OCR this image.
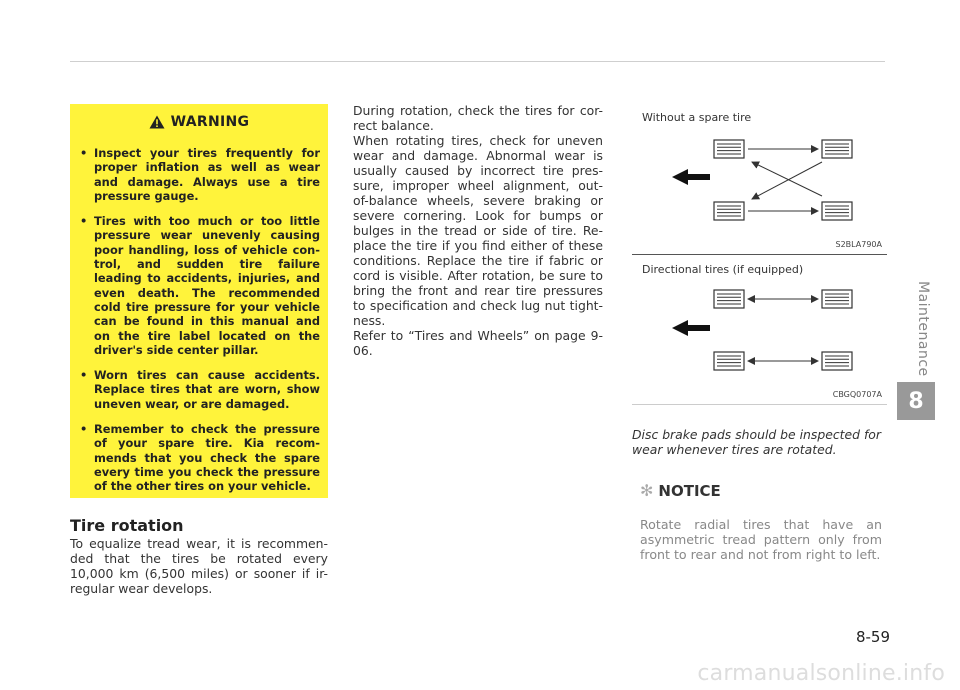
WARNING
• Inspect your tires frequently for proper inflation as well as wear and damage. Always use a tire pressure gauge.
• Tires with too much or too little pressure wear unevenly causing poor handling, loss of vehicle con- trol, and sudden tire failure leading to accidents, injuries, and even death. The recommended cold tire pressure for your vehicle can be found in this manual and on the tire label located on the driver's side center pillar.
• Worn tires can cause accidents. Replace tires that are worn, show uneven wear, or are damaged.
• Remember to check the pressure of your spare tire. Kia recom- mends that you check the spare every time you check the pressure of the other tires on your vehicle.
Tire rotation

To equalize tread wear, it is recommen- ded that the tires be rotated every 10,000 km (6,500 miles) or sooner if ir- regular wear develops.

During rotation, check the tires for cor- rect balance.
When rotating tires, check for uneven wear and damage. Abnormal wear is usually caused by incorrect tire pres- sure, improper wheel alignment, out- of-balance wheels, severe braking or severe cornering. Look for bumps or bulges in the tread or side of tire. Re- place the tire if you find either of these conditions. Replace the tire if fabric or cord is visible. After rotation, be sure to bring the front and rear tire pressures to specification and check lug nut tight- ness.
Refer to “Tires and Wheels” on page 9-06.
Without a spare tire
S2BLA790A
Directional tires (if equipped)
CBGQ0707A

Disc brake pads should be inspected for wear whenever tires are rotated.

✻ NOTICE

Rotate radial tires that have an asymmetric tread pattern only from front to rear and not from right to left.

Maintenance
8
8-59
carmanualsonline.info
